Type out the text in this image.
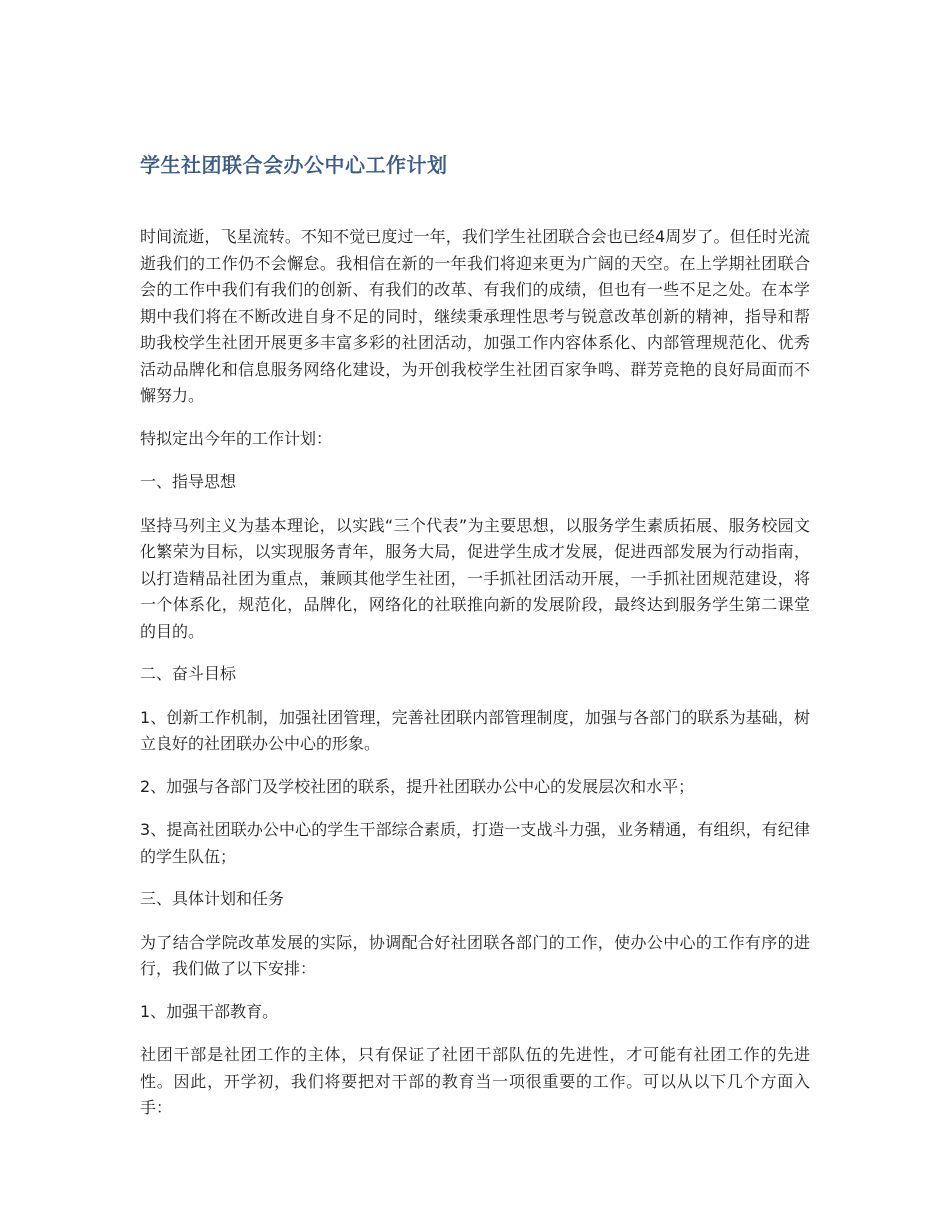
学生社团联合会办公中心工作计划

时间流逝，飞星流转。不知不觉已度过一年，我们学生社团联合会也已经4周岁了。但任时光流逝我们的工作仍不会懈怠。我相信在新的一年我们将迎来更为广阔的天空。在上学期社团联合会的工作中我们有我们的创新、有我们的改革、有我们的成绩，但也有一些不足之处。在本学期中我们将在不断改进自身不足的同时，继续秉承理性思考与锐意改革创新的精神，指导和帮助我校学生社团开展更多丰富多彩的社团活动，加强工作内容体系化、内部管理规范化、优秀活动品牌化和信息服务网络化建设，为开创我校学生社团百家争鸣、群芳竞艳的良好局面而不懈努力。

特拟定出今年的工作计划：

一、指导思想

坚持马列主义为基本理论，以实践“三个代表”为主要思想，以服务学生素质拓展、服务校园文化繁荣为目标，以实现服务青年，服务大局，促进学生成才发展，促进西部发展为行动指南，以打造精品社团为重点，兼顾其他学生社团，一手抓社团活动开展，一手抓社团规范建设，将一个体系化，规范化，品牌化，网络化的社联推向新的发展阶段，最终达到服务学生第二课堂的目的。

二、奋斗目标

1、创新工作机制，加强社团管理，完善社团联内部管理制度，加强与各部门的联系为基础，树立良好的社团联办公中心的形象。

2、加强与各部门及学校社团的联系，提升社团联办公中心的发展层次和水平；

3、提高社团联办公中心的学生干部综合素质，打造一支战斗力强，业务精通，有组织，有纪律的学生队伍；

三、具体计划和任务

为了结合学院改革发展的实际，协调配合好社团联各部门的工作，使办公中心的工作有序的进行，我们做了以下安排：

1、加强干部教育。

社团干部是社团工作的主体，只有保证了社团干部队伍的先进性，才可能有社团工作的先进性。因此，开学初，我们将要把对干部的教育当一项很重要的工作。可以从以下几个方面入手：
